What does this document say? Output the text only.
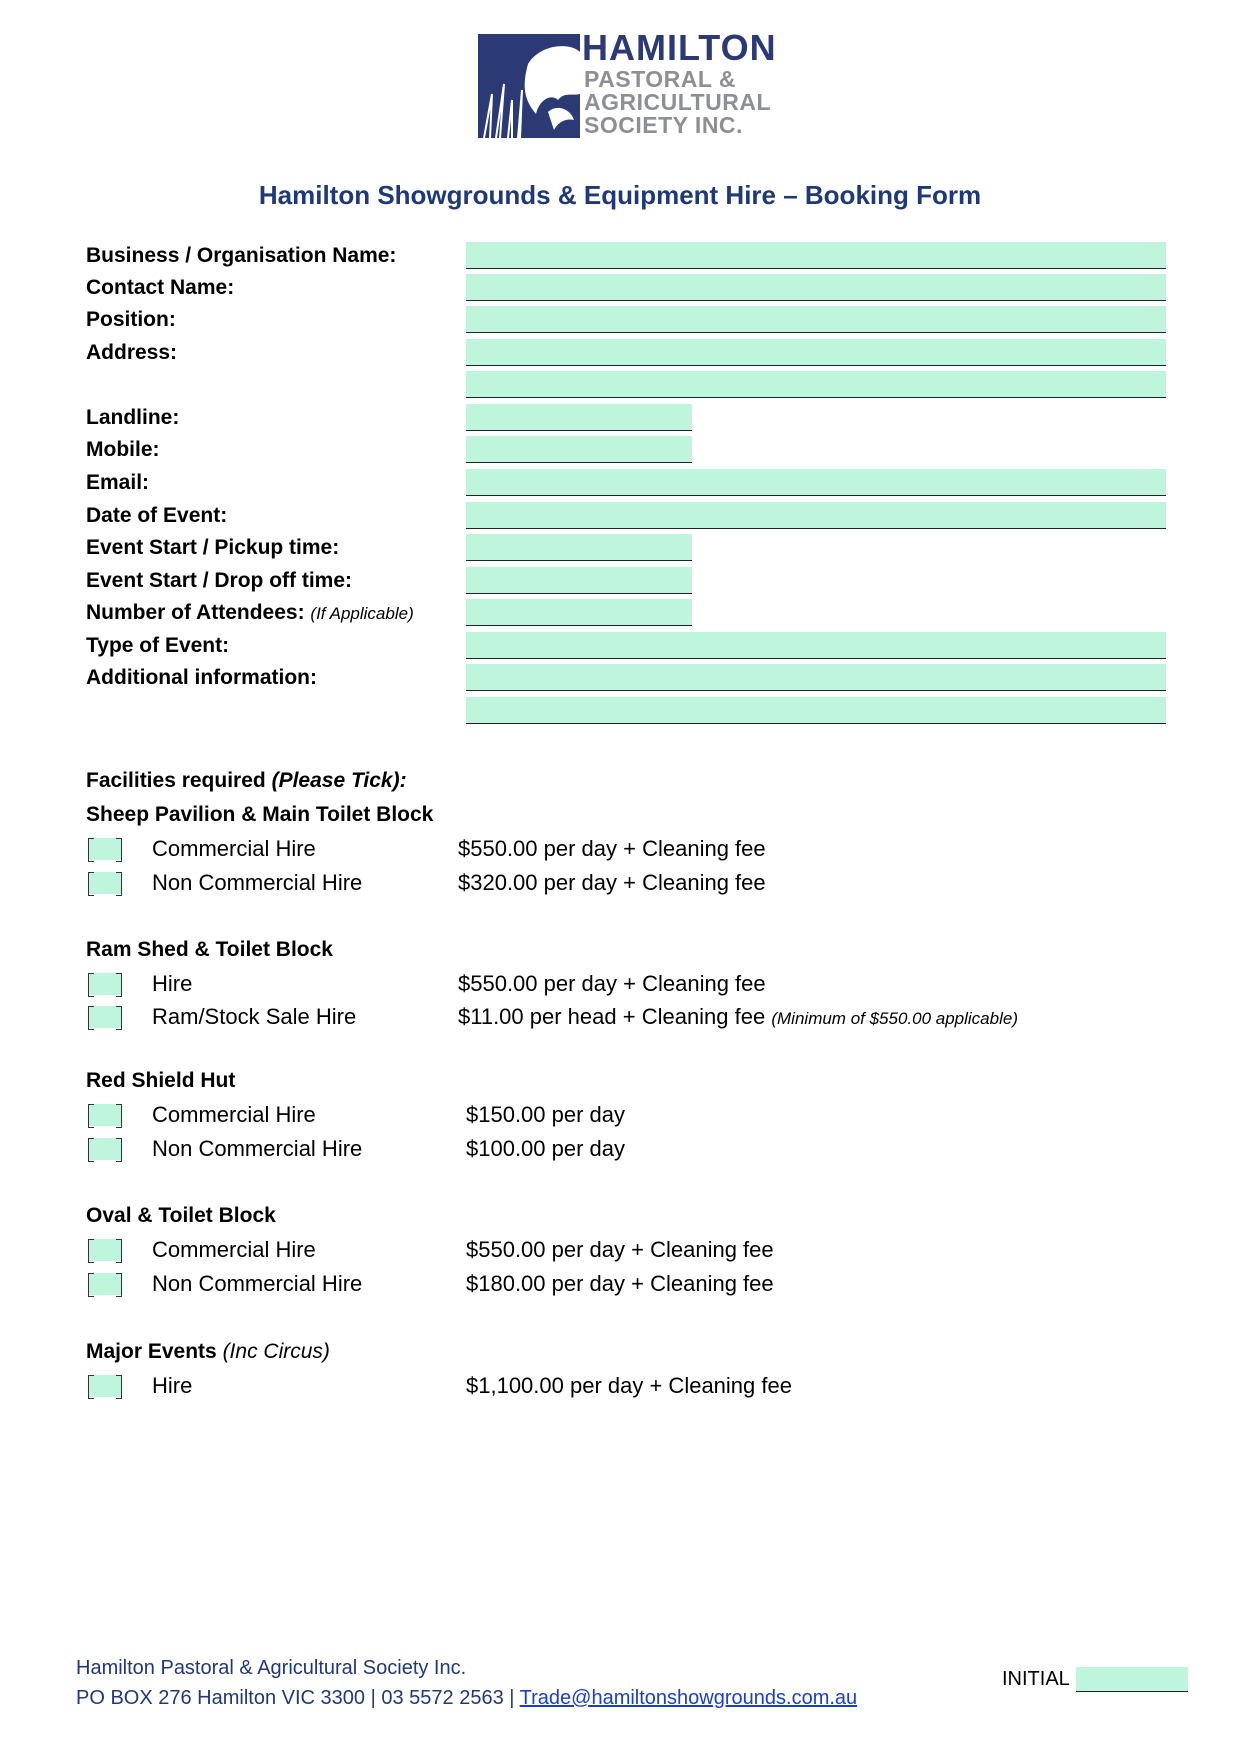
HAMILTON
PASTORAL &
AGRICULTURAL
SOCIETY INC.
Hamilton Showgrounds & Equipment Hire – Booking Form
Business / Organisation Name:
Contact Name:
Position:
Address:
Landline:
Mobile:
Email:
Date of Event:
Event Start / Pickup time:
Event Start / Drop off time:
Number of Attendees: (If Applicable)
Type of Event:
Additional information:
Facilities required (Please Tick):
Sheep Pavilion & Main Toilet Block
Commercial Hire	$550.00 per day + Cleaning fee
Non Commercial Hire	$320.00 per day + Cleaning fee
Ram Shed & Toilet Block
Hire	$550.00 per day + Cleaning fee
Ram/Stock Sale Hire	$11.00 per head + Cleaning fee (Minimum of $550.00 applicable)
Red Shield Hut
Commercial Hire	$150.00 per day
Non Commercial Hire	$100.00 per day
Oval & Toilet Block
Commercial Hire	$550.00 per day + Cleaning fee
Non Commercial Hire	$180.00 per day + Cleaning fee
Major Events (Inc Circus)
Hire	$1,100.00 per day + Cleaning fee
Hamilton Pastoral & Agricultural Society Inc.
PO BOX 276 Hamilton VIC 3300 | 03 5572 2563 | Trade@hamiltonshowgrounds.com.au
INITIAL
